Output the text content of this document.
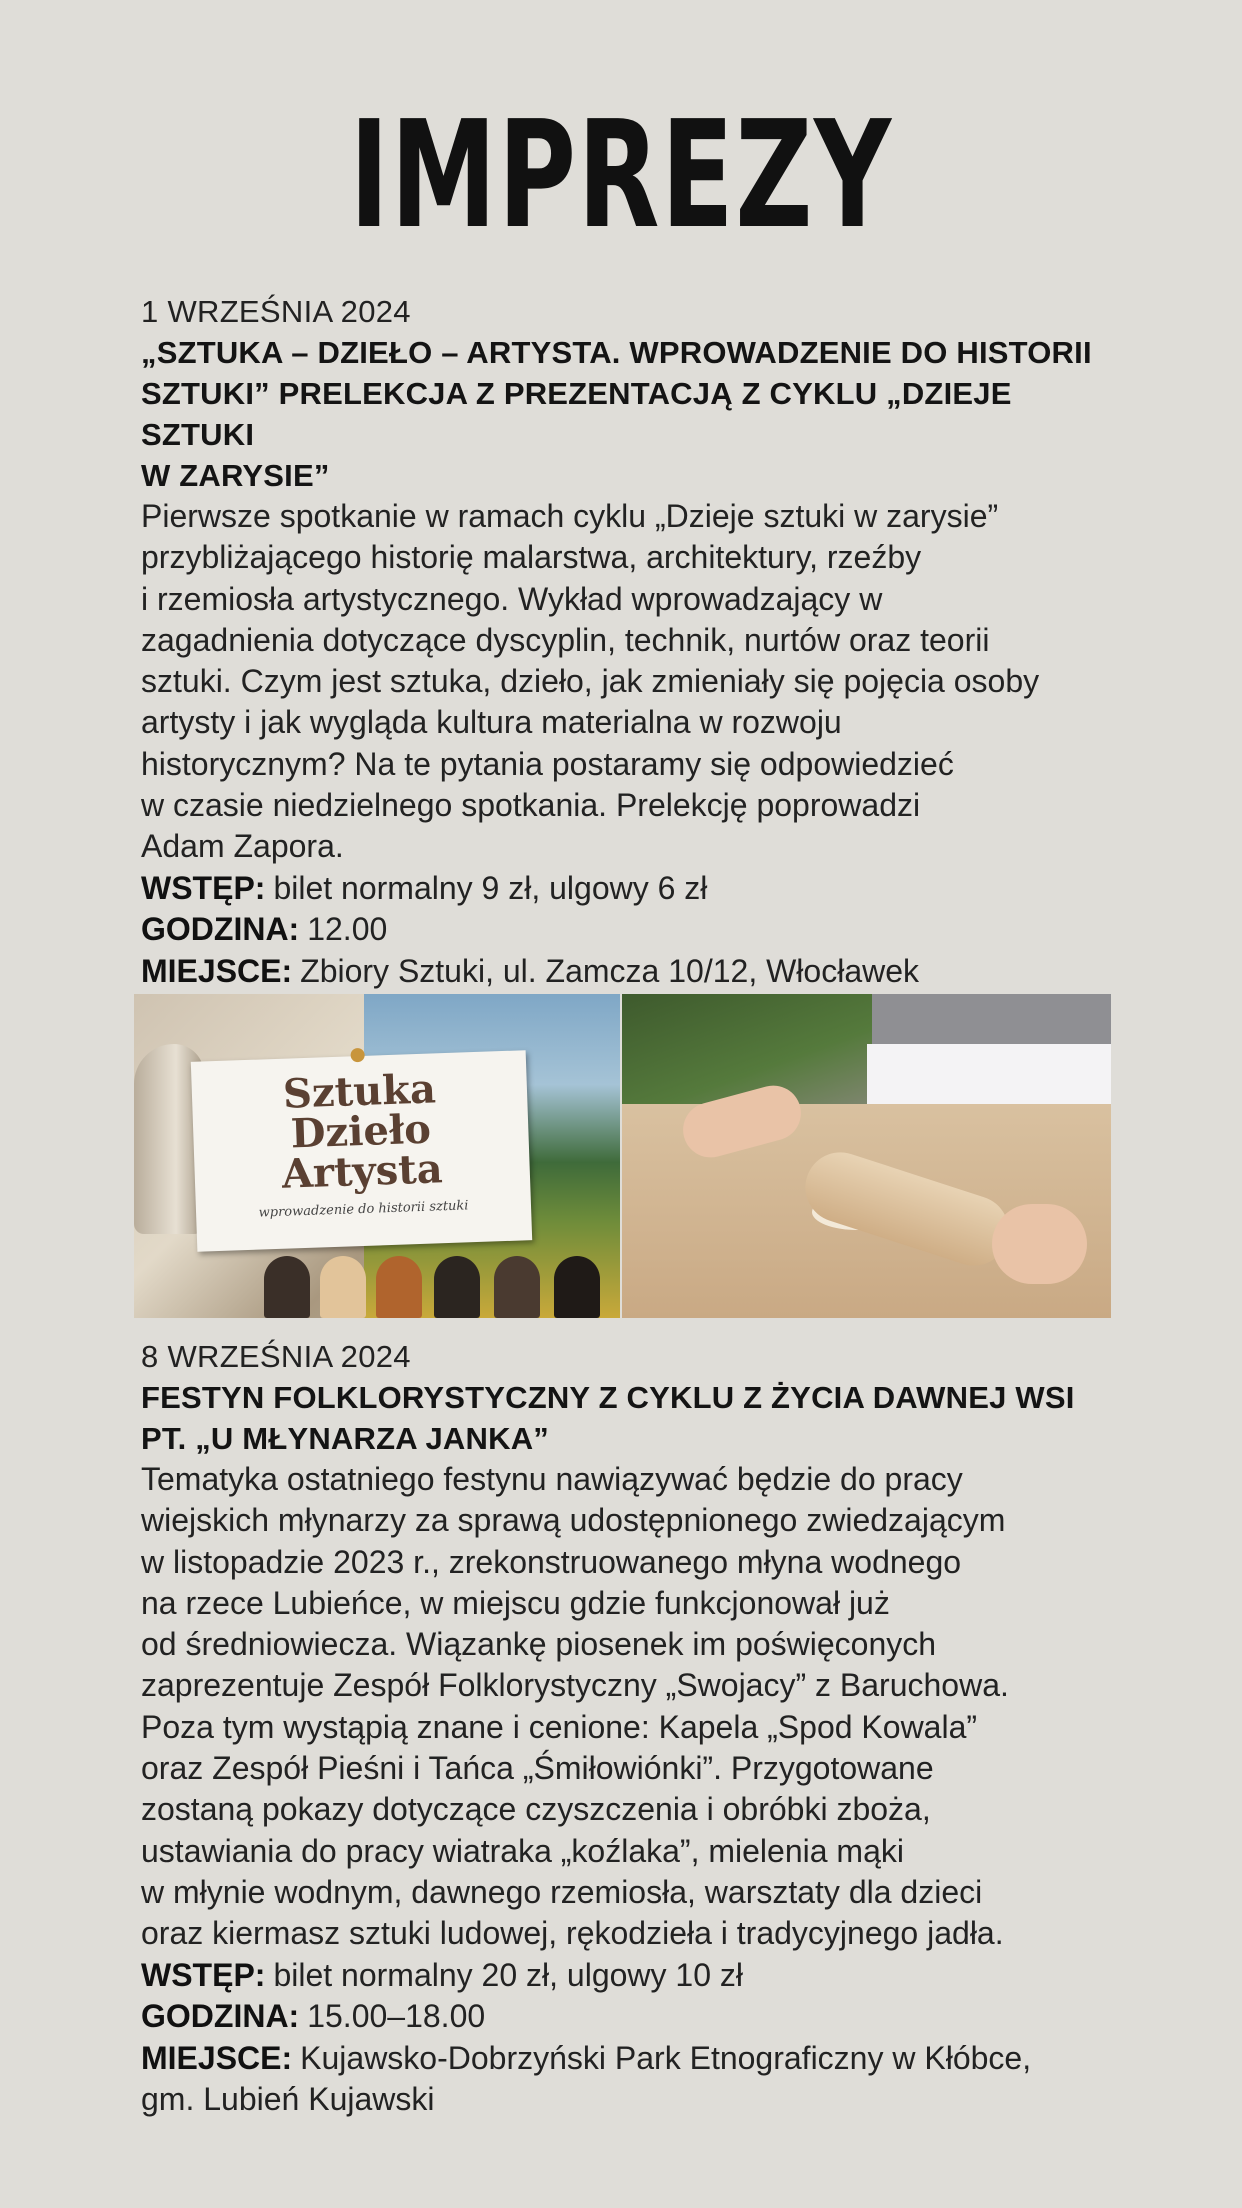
IMPREZY
1 WRZEŚNIA 2024
„SZTUKA – DZIEŁO – ARTYSTA. WPROWADZENIE DO HISTORII
SZTUKI” PRELEKCJA Z PREZENTACJĄ Z CYKLU „DZIEJE SZTUKI
W ZARYSIE”
Pierwsze spotkanie w ramach cyklu „Dzieje sztuki w zarysie”
przybliżającego historię malarstwa, architektury, rzeźby
i rzemiosła artystycznego. Wykład wprowadzający w
zagadnienia dotyczące dyscyplin, technik, nurtów oraz teorii
sztuki. Czym jest sztuka, dzieło, jak zmieniały się pojęcia osoby
artysty i jak wygląda kultura materialna w rozwoju
historycznym? Na te pytania postaramy się odpowiedzieć
w czasie niedzielnego spotkania. Prelekcję poprowadzi
Adam Zapora.
WSTĘP: bilet normalny 9 zł, ulgowy 6 zł
GODZINA: 12.00
MIEJSCE: Zbiory Sztuki, ul. Zamcza 10/12, Włocławek
Sztuka
Dzieło
Artysta
wprowadzenie do historii sztuki
8 WRZEŚNIA 2024
FESTYN FOLKLORYSTYCZNY Z CYKLU Z ŻYCIA DAWNEJ WSI
PT. „U MŁYNARZA JANKA”
Tematyka ostatniego festynu nawiązywać będzie do pracy
wiejskich młynarzy za sprawą udostępnionego zwiedzającym
w listopadzie 2023 r., zrekonstruowanego młyna wodnego
na rzece Lubieńce, w miejscu gdzie funkcjonował już
od średniowiecza. Wiązankę piosenek im poświęconych
zaprezentuje Zespół Folklorystyczny „Swojacy” z Baruchowa.
Poza tym wystąpią znane i cenione: Kapela „Spod Kowala”
oraz Zespół Pieśni i Tańca „Śmiłowiónki”. Przygotowane
zostaną pokazy dotyczące czyszczenia i obróbki zboża,
ustawiania do pracy wiatraka „koźlaka”, mielenia mąki
w młynie wodnym, dawnego rzemiosła, warsztaty dla dzieci
oraz kiermasz sztuki ludowej, rękodzieła i tradycyjnego jadła.
WSTĘP: bilet normalny 20 zł, ulgowy 10 zł
GODZINA: 15.00–18.00
MIEJSCE: Kujawsko-Dobrzyński Park Etnograficzny w Kłóbce,
gm. Lubień Kujawski
